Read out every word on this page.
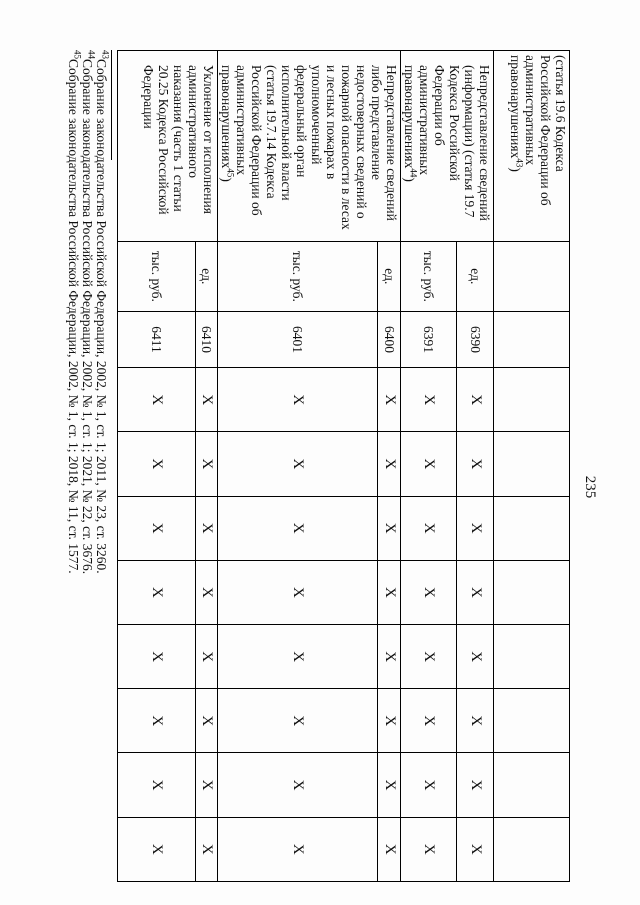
235
(статья 19.6 Кодекса Российской Федерации об административных правонарушениях$^{43}$)										
Непредставление сведений (информации) (статья 19.7 Кодекса Российской Федерации об административных правонарушениях$^{44}$)	ед.	6390	X	X	X	X	X	X	X	X
	тыс. руб.	6391	X	X	X	X	X	X	X	X
Непредставление сведений либо представление недостоверных сведений о пожарной опасности в лесах и лесных пожарах в уполномоченный федеральный орган исполнительной власти (статья 19.7.14 Кодекса Российской Федерации об административных правонарушениях$^{45}$)	ед.	6400	X	X	X	X	X	X	X	X
	тыс. руб.	6401	X	X	X	X	X	X	X	X
Уклонение от исполнения административного наказания (часть 1 статьи 20.25 Кодекса Российской Федерации	ед.	6410	X	X	X	X	X	X	X	X
	тыс. руб.	6411	X	X	X	X	X	X	X	X
$^{43}$Собрание законодательства Российской Федерации, 2002, № 1, ст. 1; 2011, № 23, ст. 3260.
$^{44}$Собрание законодательства Российской Федерации, 2002, № 1, ст. 1; 2021, № 22, ст. 3676.
$^{45}$Собрание законодательства Российской Федерации, 2002, № 1, ст. 1; 2018, № 11, ст. 1577.
